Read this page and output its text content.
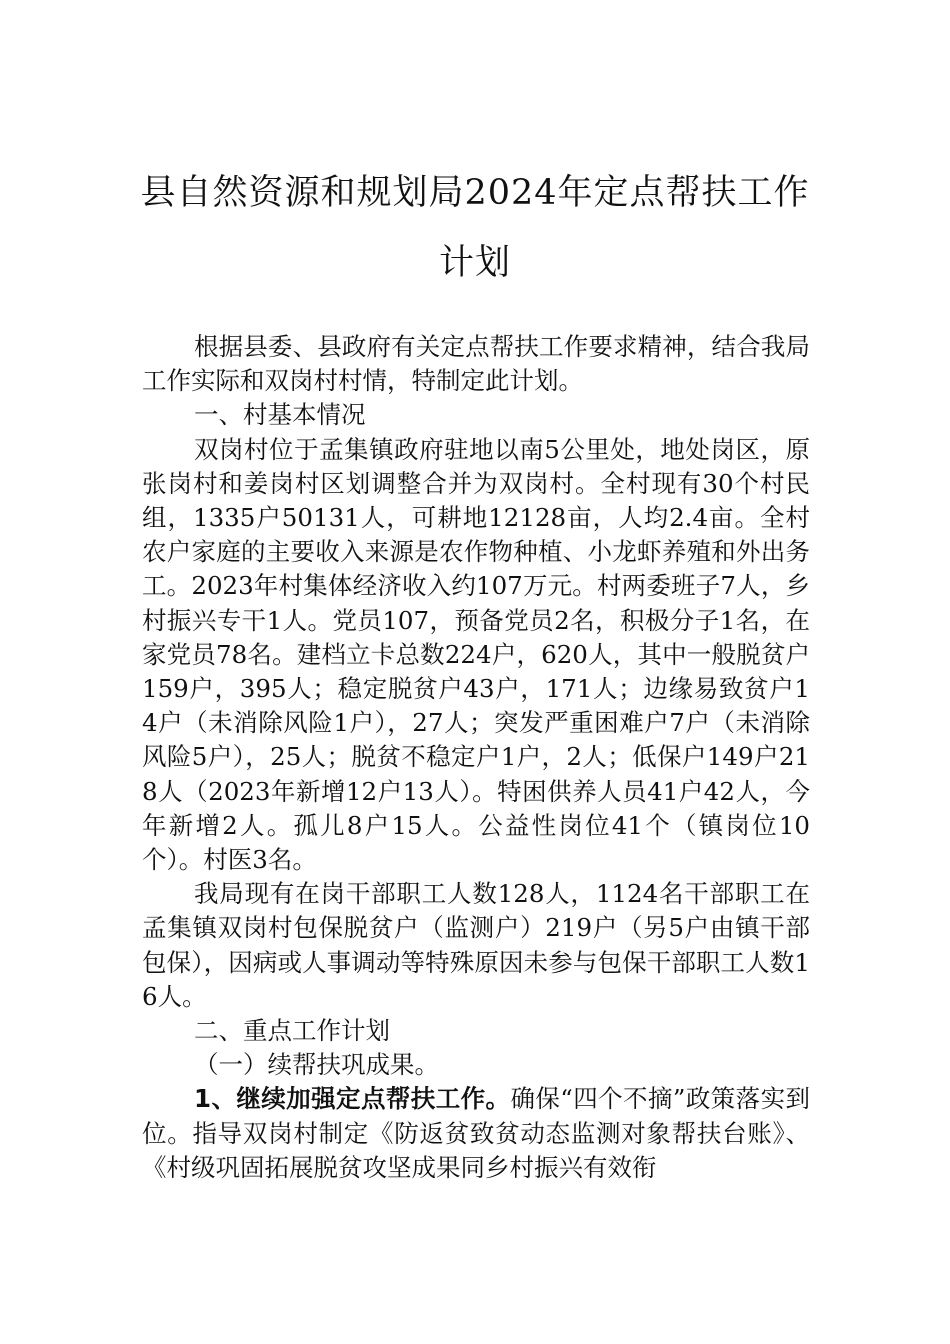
县自然资源和规划局2024年定点帮扶工作
计划

根据县委、县政府有关定点帮扶工作要求精神，结合我局工作实际和双岗村村情，特制定此计划。

一、村基本情况

双岗村位于孟集镇政府驻地以南5公里处，地处岗区，原张岗村和姜岗村区划调整合并为双岗村。全村现有30个村民组，1335户50131人，可耕地12128亩，人均2.4亩。全村农户家庭的主要收入来源是农作物种植、小龙虾养殖和外出务工。2023年村集体经济收入约107万元。村两委班子7人，乡村振兴专干1人。党员107，预备党员2名，积极分子1名，在家党员78名。建档立卡总数224户，620人，其中一般脱贫户159户，395人；稳定脱贫户43户，171人；边缘易致贫户14户（未消除风险1户），27人；突发严重困难户7户（未消除风险5户），25人；脱贫不稳定户1户，2人；低保户149户218人（2023年新增12户13人）。特困供养人员41户42人，今年新增2人。孤儿8户15人。公益性岗位41个（镇岗位10个）。村医3名。

我局现有在岗干部职工人数128人，1124名干部职工在孟集镇双岗村包保脱贫户（监测户）219户（另5户由镇干部包保），因病或人事调动等特殊原因未参与包保干部职工人数16人。

二、重点工作计划

（一）续帮扶巩成果。

1、继续加强定点帮扶工作。确保“四个不摘”政策落实到位。指导双岗村制定《防返贫致贫动态监测对象帮扶台账》、《村级巩固拓展脱贫攻坚成果同乡村振兴有效衔
